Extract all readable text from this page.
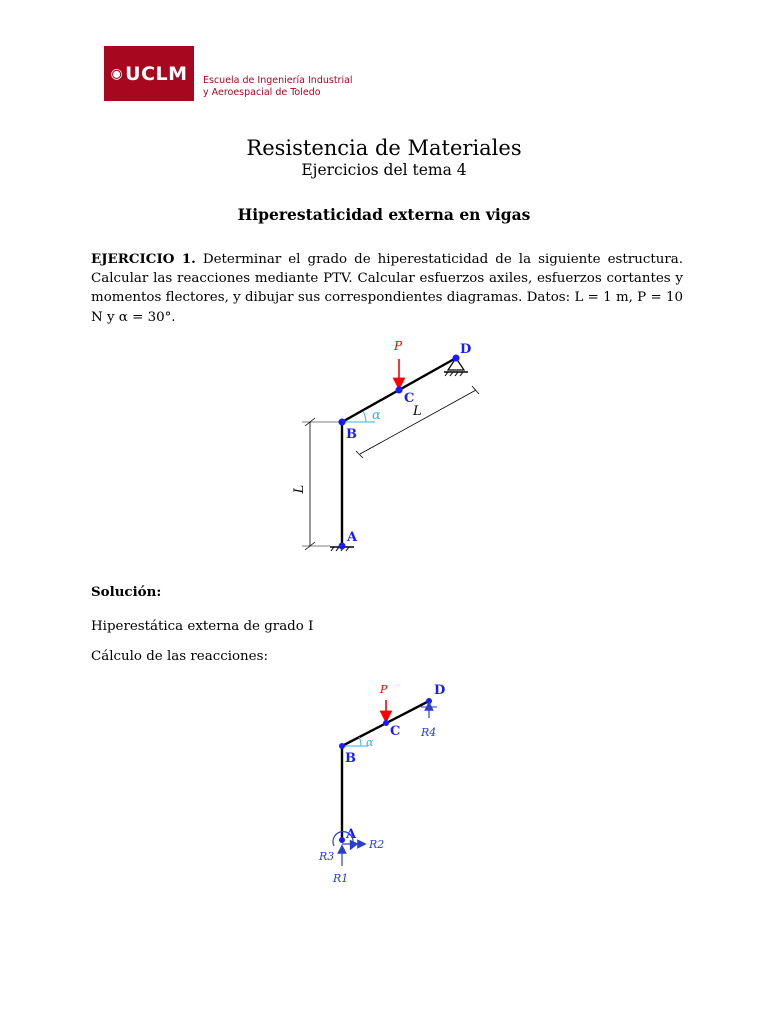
◉ UCLM Escuela de Ingeniería Industrial
y Aeroespacial de Toledo
Resistencia de Materiales
Ejercicios del tema 4
Hiperestaticidad externa en vigas
EJERCICIO 1. Determinar el grado de hiperestaticidad de la siguiente estructura. Calcular las reacciones mediante PTV. Calcular esfuerzos axiles, esfuerzos cortantes y momentos flectores, y dibujar sus correspondientes diagramas. Datos: L = 1 m, P = 10 N y α = 30°.
α
P
A
B
C
D
L
L
α
P
A
B
C
D
R4
R1
R2
R3
Solución:
Hiperestática externa de grado I
Cálculo de las reacciones:
